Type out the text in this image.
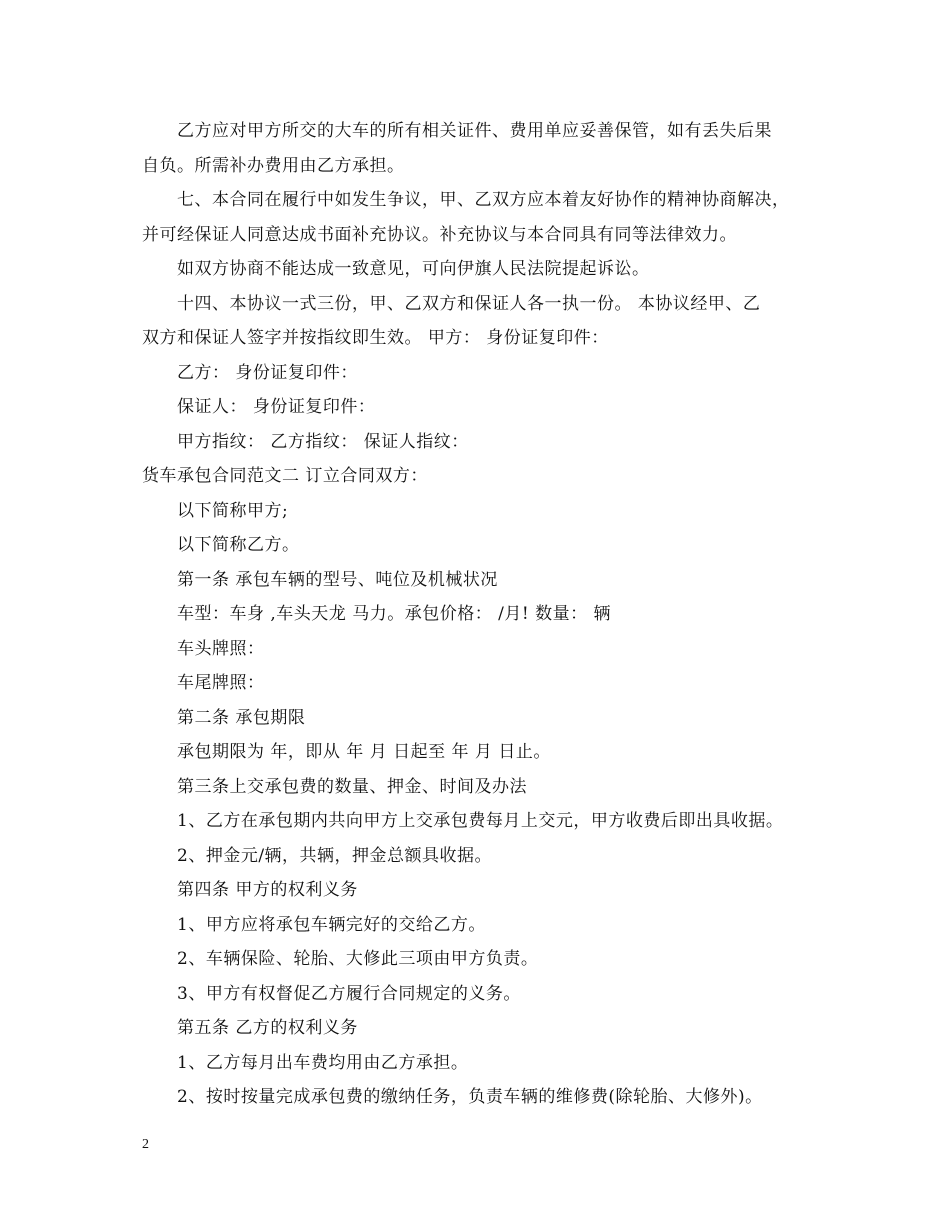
乙方应对甲方所交的大车的所有相关证件、费用单应妥善保管，如有丢失后果
自负。所需补办费用由乙方承担。
七、本合同在履行中如发生争议，甲、乙双方应本着友好协作的精神协商解决，
并可经保证人同意达成书面补充协议。补充协议与本合同具有同等法律效力。
如双方协商不能达成一致意见，可向伊旗人民法院提起诉讼。
十四、本协议一式三份，甲、乙双方和保证人各一执一份。 本协议经甲、乙
双方和保证人签字并按指纹即生效。 甲方： 身份证复印件：
乙方： 身份证复印件：
保证人： 身份证复印件：
甲方指纹： 乙方指纹： 保证人指纹：
货车承包合同范文二 订立合同双方：
以下简称甲方;
以下简称乙方。
第一条 承包车辆的型号、吨位及机械状况
车型：车身 ,车头天龙 马力。承包价格： /月! 数量： 辆
车头牌照：
车尾牌照：
第二条 承包期限
承包期限为 年，即从 年 月 日起至 年 月 日止。
第三条上交承包费的数量、押金、时间及办法
1、乙方在承包期内共向甲方上交承包费每月上交元，甲方收费后即出具收据。
2、押金元/辆，共辆，押金总额具收据。
第四条 甲方的权利义务
1、甲方应将承包车辆完好的交给乙方。
2、车辆保险、轮胎、大修此三项由甲方负责。
3、甲方有权督促乙方履行合同规定的义务。
第五条 乙方的权利义务
1、乙方每月出车费均用由乙方承担。
2、按时按量完成承包费的缴纳任务，负责车辆的维修费(除轮胎、大修外)。
2
